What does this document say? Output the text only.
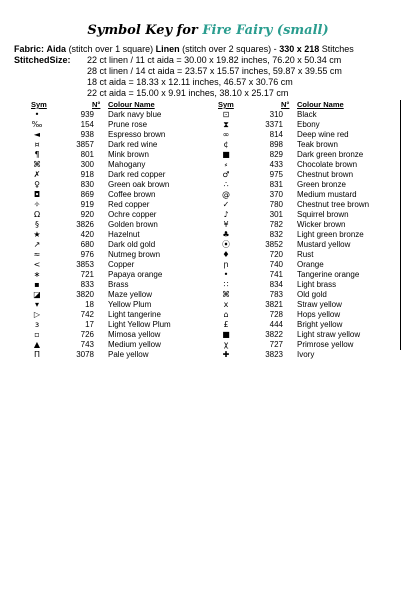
Symbol Key for Fire Fairy (small)
Fabric: Aida (stitch over 1 square) Linen (stitch over 2 squares) - 330 x 218 Stitches
StitchedSize: 22 ct linen / 11 ct aida = 30.00 x 19.82 inches, 76.20 x 50.34 cm
28 ct linen / 14 ct aida = 23.57 x 15.57 inches, 59.87 x 39.55 cm
18 ct aida = 18.33 x 12.11 inches, 46.57 x 30.76 cm
22 ct aida = 15.00 x 9.91 inches, 38.10 x 25.17 cm
Sym	N° Colour Name	Sym	N° Colour Name
•	939 Dark navy blue
‰	154 Prune rose
◄	938 Espresso brown
¤	3857 Dark red wine
¶	801 Mink brown
⌘	300 Mahogany
✗	918 Dark red copper
♀	830 Green oak brown
◘	869 Coffee brown
✧	919 Red copper
Ω	920 Ochre copper
§	3826 Golden brown
★	420 Hazelnut
↗	680 Dark old gold
≈	976 Nutmeg brown
<	3853 Copper
∗	721 Papaya orange
▪	833 Brass
◪	3820 Maze yellow
▾	18 Yellow Plum
▷	742 Light tangerine
ɜ	17 Light Yellow Plum
▫	726 Mimosa yellow
▲	743 Medium yellow
Π	3078 Pale yellow
⊡	310 Black
⧗	3371 Ebony
∞	814 Deep wine red
¢	898 Teak brown
■	829 Dark green bronze
⸗	433 Chocolate brown
♂	975 Chestnut brown
∴	831 Green bronze
@	370 Medium mustard
✓	780 Chestnut tree brown
♪	301 Squirrel brown
¥	782 Wicker brown
♣	832 Light green bronze
⦿	3852 Mustard yellow
♦	720 Rust
ր	740 Orange
•	741 Tangerine orange
∷	834 Light brass
⌘	783 Old gold
x	3821 Straw yellow
⌂	728 Hops yellow
£	444 Bright yellow
■	3822 Light straw yellow
χ	727 Primrose yellow
✚	3823 Ivory
